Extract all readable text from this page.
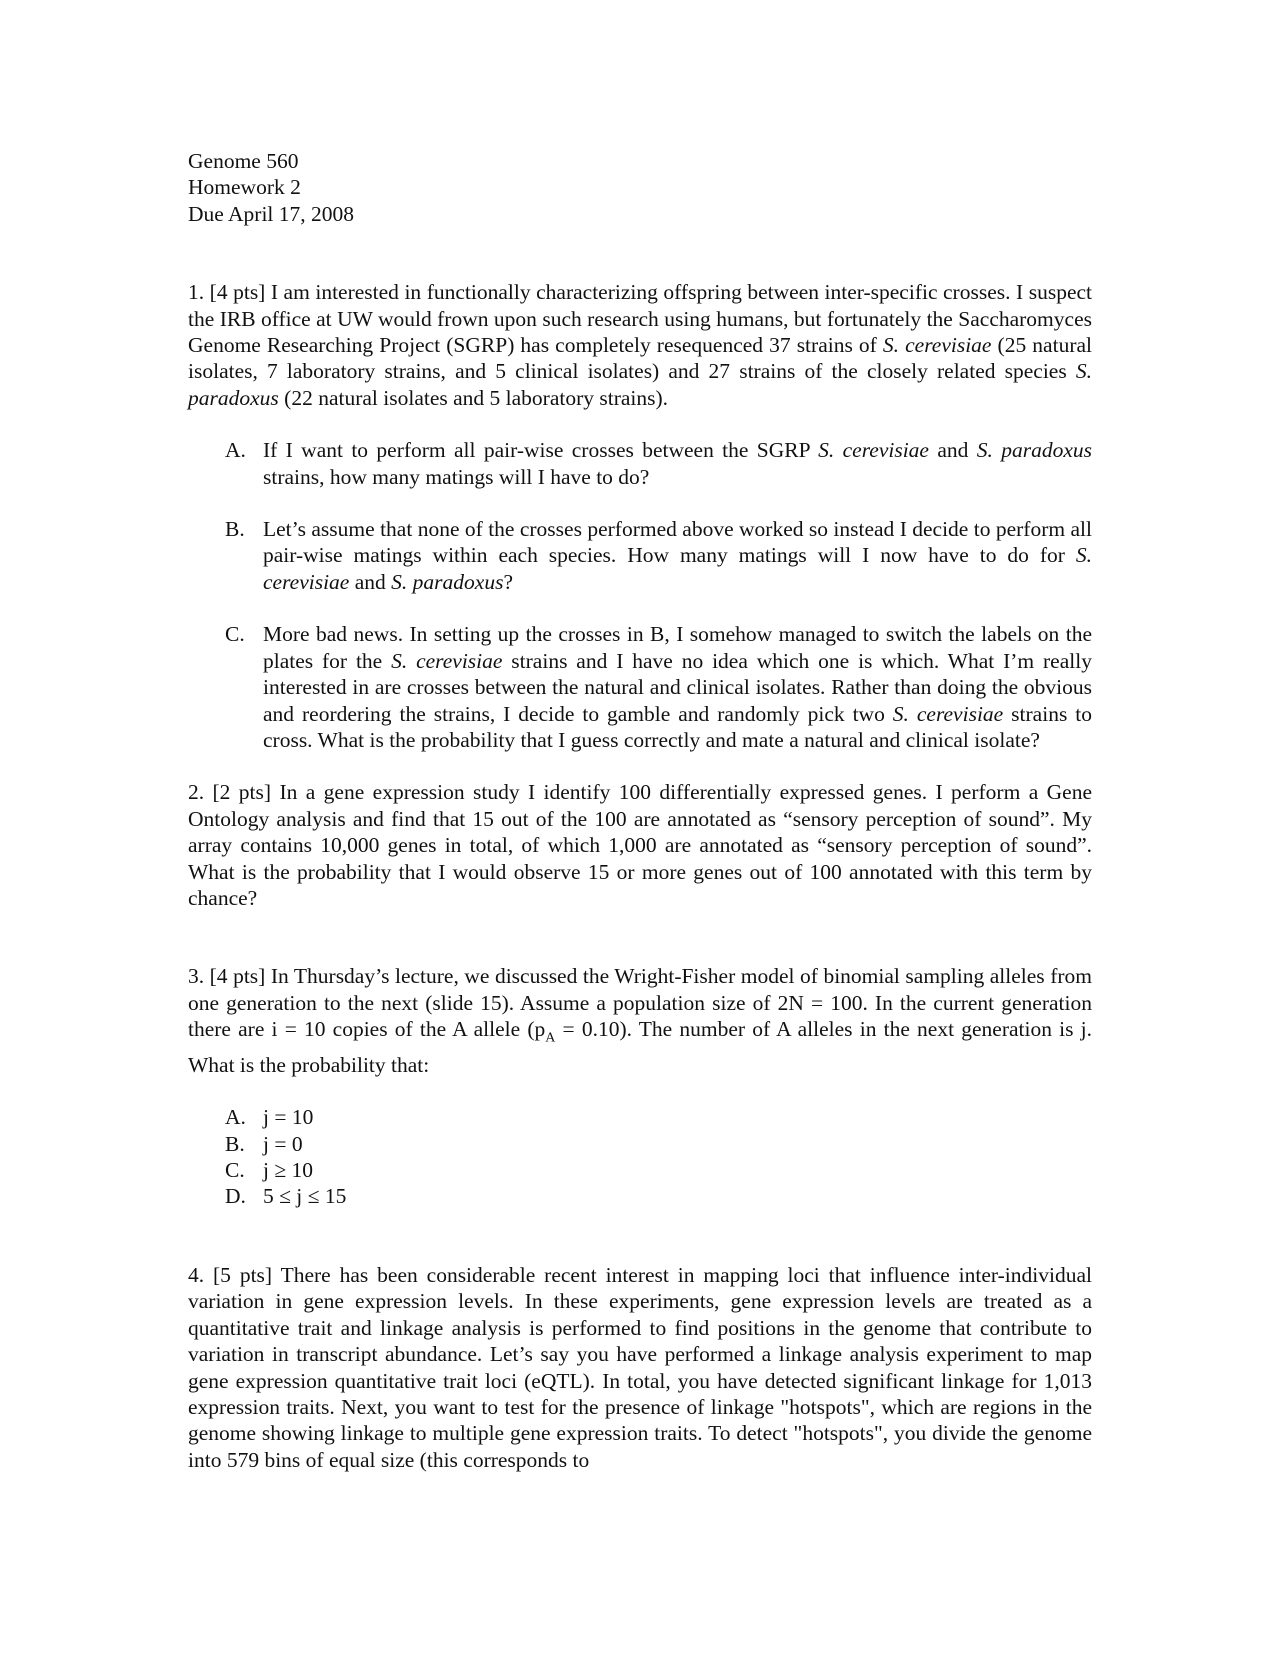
Genome 560
Homework 2
Due April 17, 2008

1. [4 pts] I am interested in functionally characterizing offspring between inter-specific crosses. I suspect the IRB office at UW would frown upon such research using humans, but fortunately the Saccharomyces Genome Researching Project (SGRP) has completely resequenced 37 strains of S. cerevisiae (25 natural isolates, 7 laboratory strains, and 5 clinical isolates) and 27 strains of the closely related species S. paradoxus (22 natural isolates and 5 laboratory strains).

A. If I want to perform all pair-wise crosses between the SGRP S. cerevisiae and S. paradoxus strains, how many matings will I have to do?
B. Let’s assume that none of the crosses performed above worked so instead I decide to perform all pair-wise matings within each species. How many matings will I now have to do for S. cerevisiae and S. paradoxus?
C. More bad news. In setting up the crosses in B, I somehow managed to switch the labels on the plates for the S. cerevisiae strains and I have no idea which one is which. What I’m really interested in are crosses between the natural and clinical isolates. Rather than doing the obvious and reordering the strains, I decide to gamble and randomly pick two S. cerevisiae strains to cross. What is the probability that I guess correctly and mate a natural and clinical isolate?

2. [2 pts] In a gene expression study I identify 100 differentially expressed genes. I perform a Gene Ontology analysis and find that 15 out of the 100 are annotated as “sensory perception of sound”. My array contains 10,000 genes in total, of which 1,000 are annotated as “sensory perception of sound”. What is the probability that I would observe 15 or more genes out of 100 annotated with this term by chance?

3. [4 pts] In Thursday’s lecture, we discussed the Wright-Fisher model of binomial sampling alleles from one generation to the next (slide 15). Assume a population size of 2N = 100. In the current generation there are i = 10 copies of the A allele $(p_A = 0.10)$. The number of A alleles in the next generation is j. What is the probability that:

A. j = 10
B. j = 0
C. j ≥ 10
D. 5 ≤ j ≤ 15

4. [5 pts] There has been considerable recent interest in mapping loci that influence inter-individual variation in gene expression levels. In these experiments, gene expression levels are treated as a quantitative trait and linkage analysis is performed to find positions in the genome that contribute to variation in transcript abundance. Let’s say you have performed a linkage analysis experiment to map gene expression quantitative trait loci (eQTL). In total, you have detected significant linkage for 1,013 expression traits. Next, you want to test for the presence of linkage "hotspots", which are regions in the genome showing linkage to multiple gene expression traits. To detect "hotspots", you divide the genome into 579 bins of equal size (this corresponds to
